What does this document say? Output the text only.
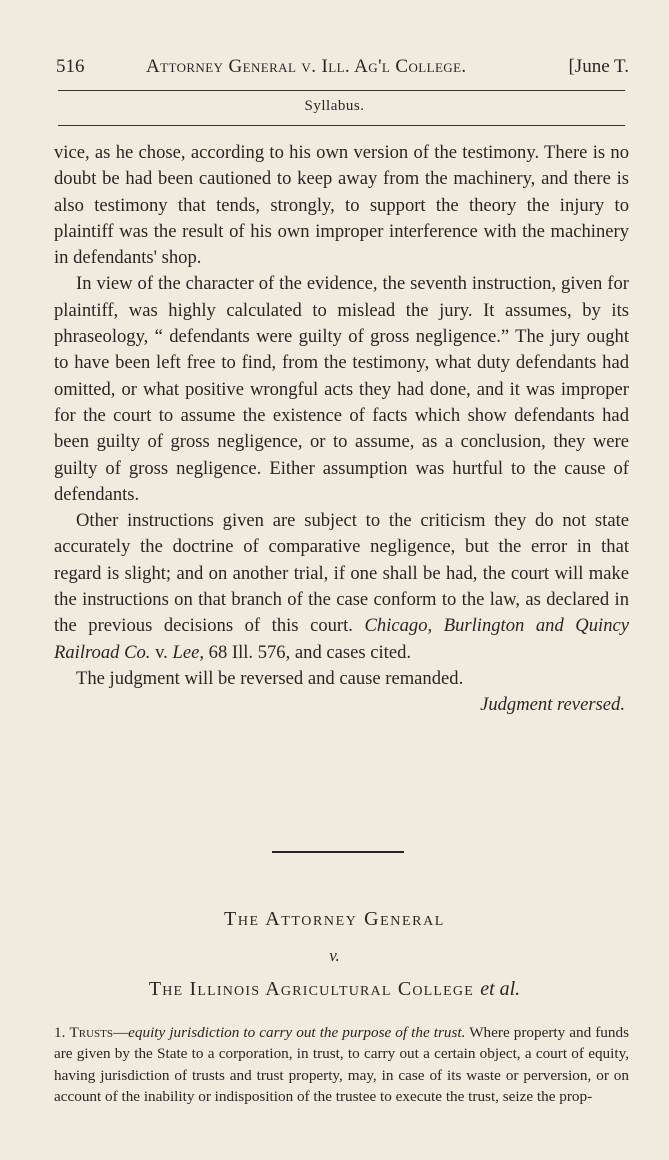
516	Attorney General v. Ill. Ag'l College.	[June T.
Syllabus.

vice, as he chose, according to his own version of the testimony. There is no doubt be had been cautioned to keep away from the machinery, and there is also testimony that tends, strongly, to support the theory the injury to plaintiff was the result of his own improper interference with the machinery in defendants' shop.

In view of the character of the evidence, the seventh instruction, given for plaintiff, was highly calculated to mislead the jury. It assumes, by its phraseology, “ defendants were guilty of gross negligence.” The jury ought to have been left free to find, from the testimony, what duty defendants had omitted, or what positive wrongful acts they had done, and it was improper for the court to assume the existence of facts which show defendants had been guilty of gross negligence, or to assume, as a conclusion, they were guilty of gross negligence. Either assumption was hurtful to the cause of defendants.

Other instructions given are subject to the criticism they do not state accurately the doctrine of comparative negligence, but the error in that regard is slight; and on another trial, if one shall be had, the court will make the instructions on that branch of the case conform to the law, as declared in the previous decisions of this court. Chicago, Burlington and Quincy Railroad Co. v. Lee, 68 Ill. 576, and cases cited.

The judgment will be reversed and cause remanded.

Judgment reversed.

The Attorney General
v.
The Illinois Agricultural College et al.
1. Trusts—equity jurisdiction to carry out the purpose of the trust. Where property and funds are given by the State to a corporation, in trust, to carry out a certain object, a court of equity, having jurisdiction of trusts and trust property, may, in case of its waste or perversion, or on account of the inability or indisposition of the trustee to execute the trust, seize the prop-
